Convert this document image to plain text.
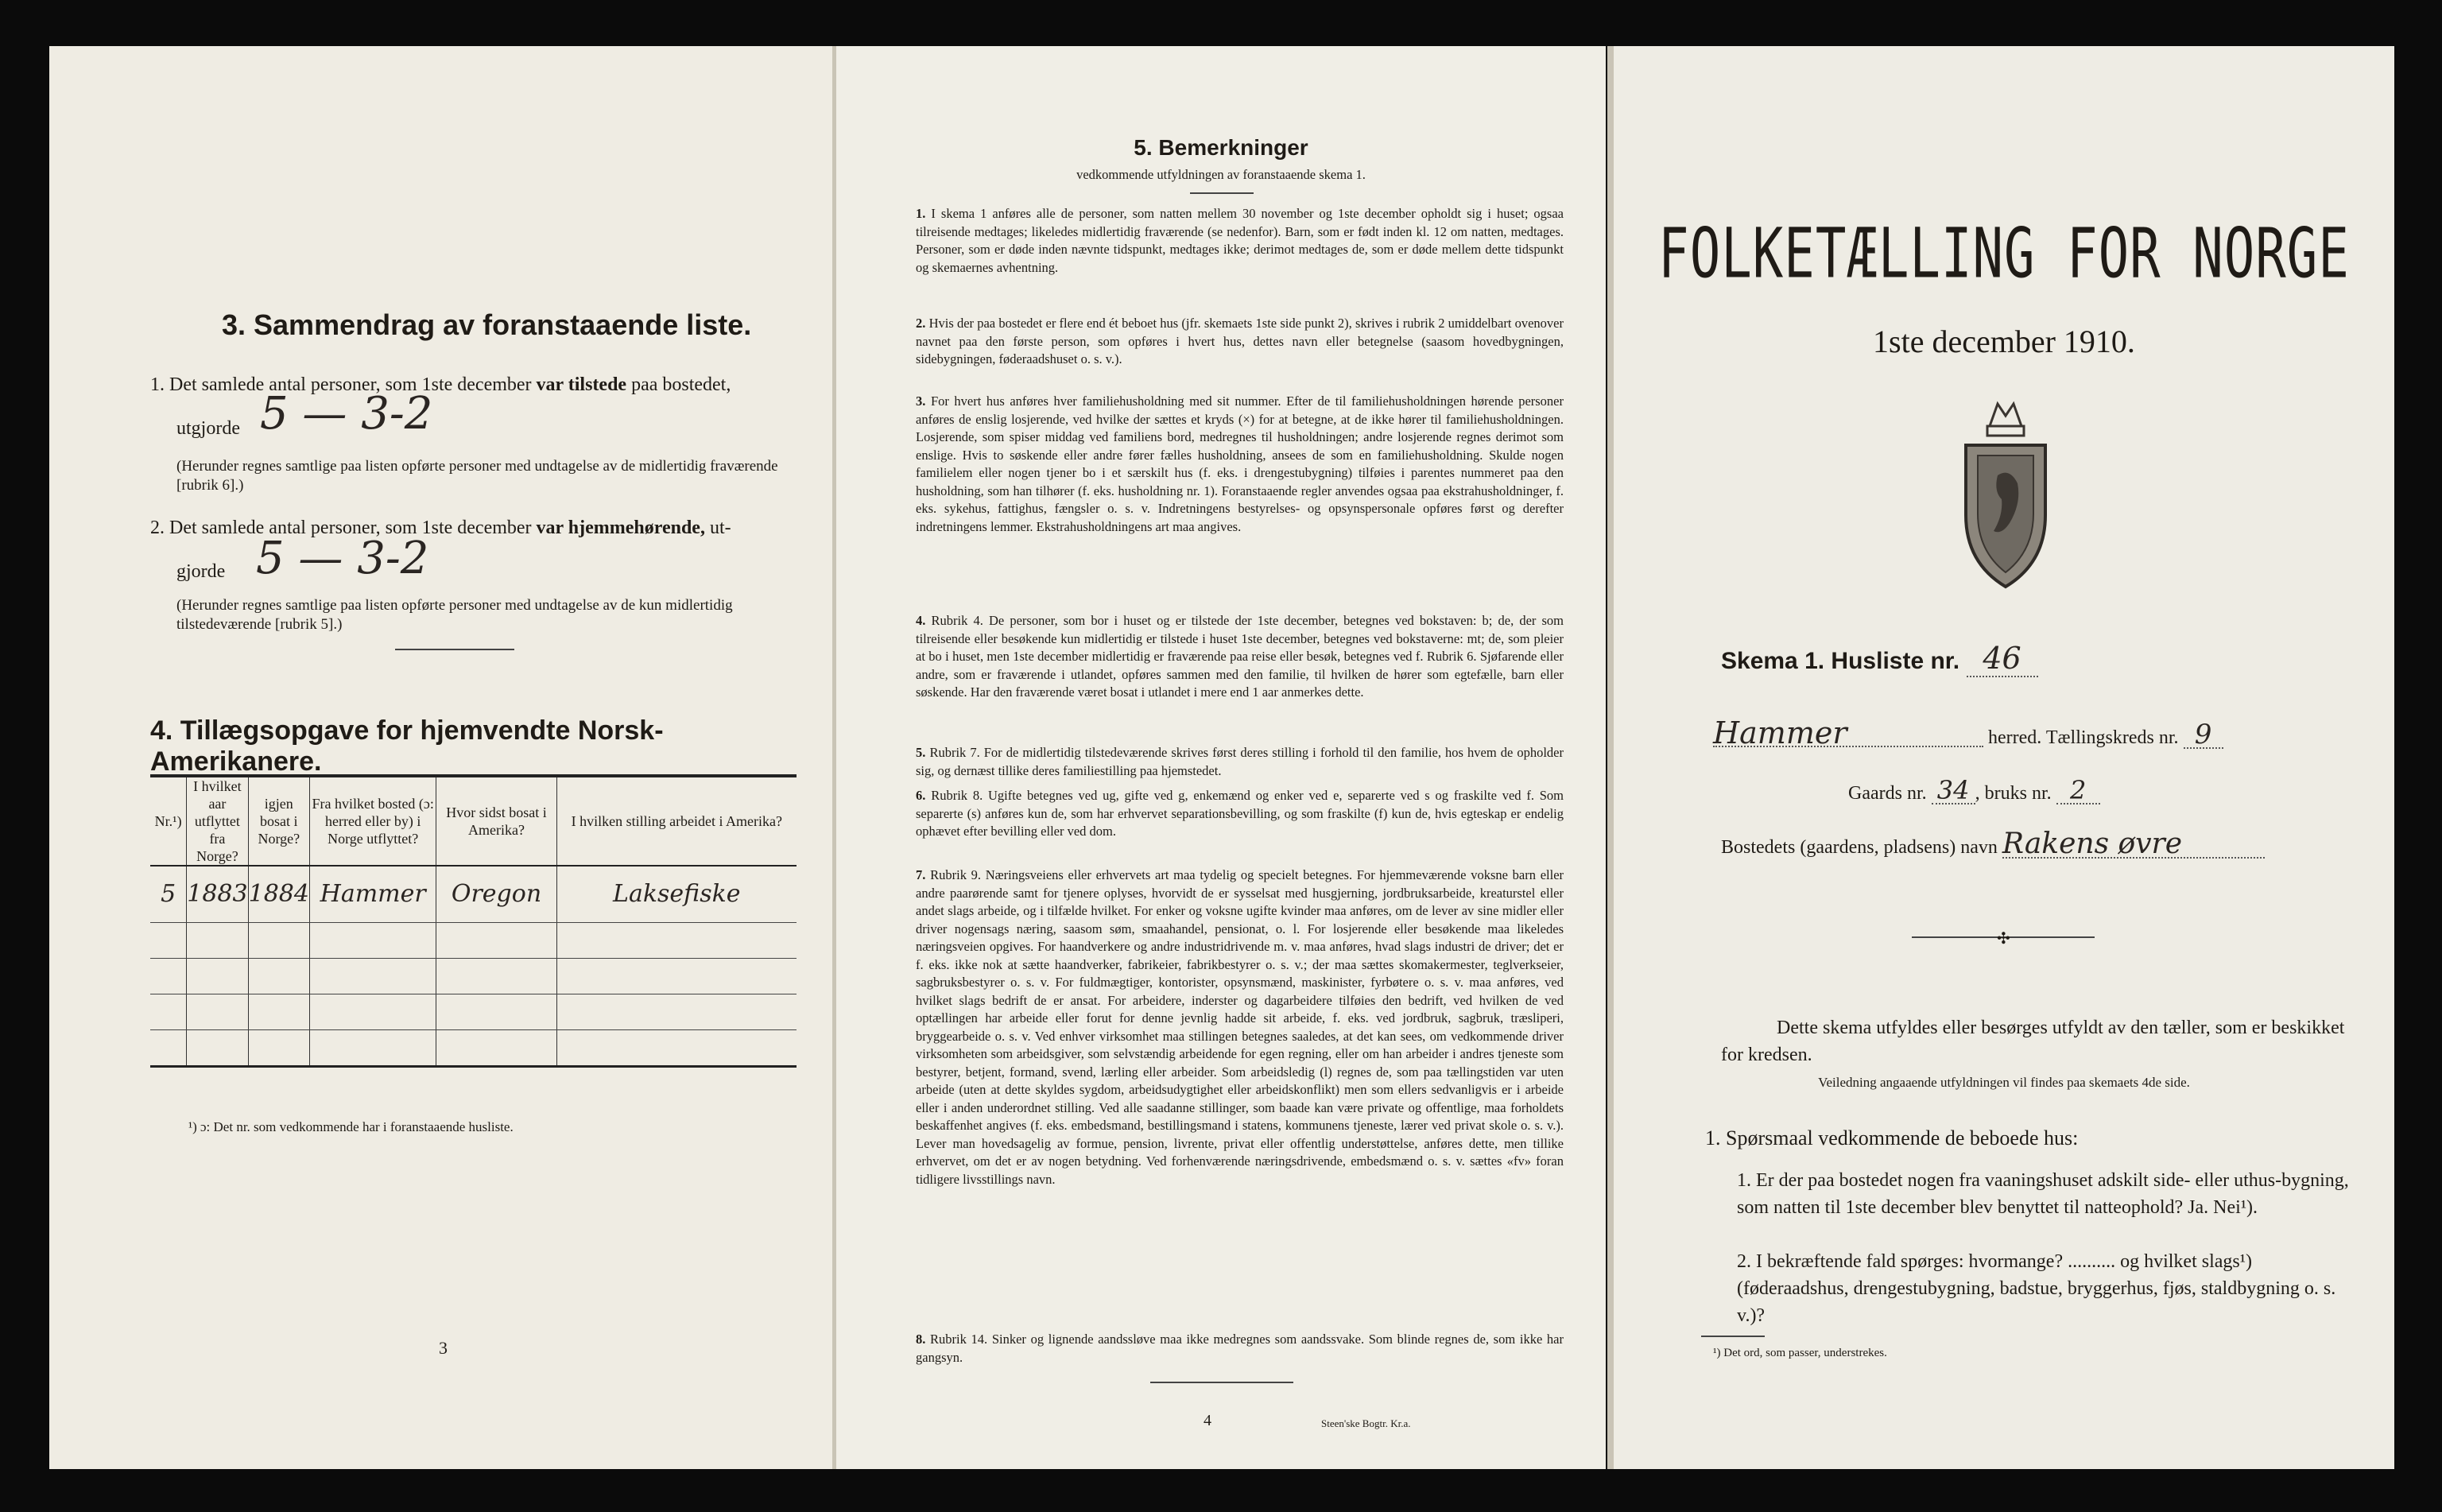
3. Sammendrag av foranstaaende liste.
1. Det samlede antal personer, som 1ste december var tilstede paa bostedet,
utgjorde 5 — 3-2
(Herunder regnes samtlige paa listen opførte personer med undtagelse av de midlertidig fraværende [rubrik 6].)
2. Det samlede antal personer, som 1ste december var hjemmehørende, ut-
gjorde 5 — 3-2
(Herunder regnes samtlige paa listen opførte personer med undtagelse av de kun midlertidig tilstedeværende [rubrik 5].)
4. Tillægsopgave for hjemvendte Norsk-Amerikanere.
Nr.¹)	I hvilket aar utflyttet fra Norge?	igjen bosat i Norge?	Fra hvilket bosted (ɔ: herred eller by) i Norge utflyttet?	Hvor sidst bosat i Amerika?	I hvilken stilling arbeidet i Amerika?
5	1883	1884	Hammer	Oregon	Laksefiske

¹) ɔ: Det nr. som vedkommende har i foranstaaende husliste.
3
5. Bemerkninger
vedkommende utfyldningen av foranstaaende skema 1.
1. I skema 1 anføres alle de personer, som natten mellem 30 november og 1ste december opholdt sig i huset; ogsaa tilreisende medtages; likeledes midlertidig fraværende (se nedenfor). Barn, som er født inden kl. 12 om natten, medtages. Personer, som er døde inden nævnte tidspunkt, medtages ikke; derimot medtages de, som er døde mellem dette tidspunkt og skemaernes avhentning.
2. Hvis der paa bostedet er flere end ét beboet hus (jfr. skemaets 1ste side punkt 2), skrives i rubrik 2 umiddelbart ovenover navnet paa den første person, som opføres i hvert hus, dettes navn eller betegnelse (saasom hovedbygningen, sidebygningen, føderaadshuset o. s. v.).
3. For hvert hus anføres hver familiehusholdning med sit nummer. Efter de til familiehusholdningen hørende personer anføres de enslig losjerende, ved hvilke der sættes et kryds (×) for at betegne, at de ikke hører til familiehusholdningen. Losjerende, som spiser middag ved familiens bord, medregnes til husholdningen; andre losjerende regnes derimot som enslige. Hvis to søskende eller andre fører fælles husholdning, ansees de som en familiehusholdning. Skulde nogen familielem eller nogen tjener bo i et særskilt hus (f. eks. i drengestubygning) tilføies i parentes nummeret paa den husholdning, som han tilhører (f. eks. husholdning nr. 1). Foranstaaende regler anvendes ogsaa paa ekstrahusholdninger, f. eks. sykehus, fattighus, fængsler o. s. v. Indretningens bestyrelses- og opsynspersonale opføres først og derefter indretningens lemmer. Ekstrahusholdningens art maa angives.
4. Rubrik 4. De personer, som bor i huset og er tilstede der 1ste december, betegnes ved bokstaven: b; de, der som tilreisende eller besøkende kun midlertidig er tilstede i huset 1ste december, betegnes ved bokstaverne: mt; de, som pleier at bo i huset, men 1ste december midlertidig er fraværende paa reise eller besøk, betegnes ved f. Rubrik 6. Sjøfarende eller andre, som er fraværende i utlandet, opføres sammen med den familie, til hvilken de hører som egtefælle, barn eller søskende. Har den fraværende været bosat i utlandet i mere end 1 aar anmerkes dette.
5. Rubrik 7. For de midlertidig tilstedeværende skrives først deres stilling i forhold til den familie, hos hvem de opholder sig, og dernæst tillike deres familiestilling paa hjemstedet.
6. Rubrik 8. Ugifte betegnes ved ug, gifte ved g, enkemænd og enker ved e, separerte ved s og fraskilte ved f. Som separerte (s) anføres kun de, som har erhvervet separationsbevilling, og som fraskilte (f) kun de, hvis egteskap er endelig ophævet efter bevilling eller ved dom.
7. Rubrik 9. Næringsveiens eller erhvervets art maa tydelig og specielt betegnes. For hjemmeværende voksne barn eller andre paarørende samt for tjenere oplyses, hvorvidt de er sysselsat med husgjerning, jordbruksarbeide, kreaturstel eller andet slags arbeide, og i tilfælde hvilket. For enker og voksne ugifte kvinder maa anføres, om de lever av sine midler eller driver nogensags næring, saasom søm, smaahandel, pensionat, o. l. For losjerende eller besøkende maa likeledes næringsveien opgives. For haandverkere og andre industridrivende m. v. maa anføres, hvad slags industri de driver; det er f. eks. ikke nok at sætte haandverker, fabrikeier, fabrikbestyrer o. s. v.; der maa sættes skomakermester, teglverkseier, sagbruksbestyrer o. s. v. For fuldmægtiger, kontorister, opsynsmænd, maskinister, fyrbøtere o. s. v. maa anføres, ved hvilket slags bedrift de er ansat. For arbeidere, inderster og dagarbeidere tilføies den bedrift, ved hvilken de ved optællingen har arbeide eller forut for denne jevnlig hadde sit arbeide, f. eks. ved jordbruk, sagbruk, træsliperi, bryggearbeide o. s. v. Ved enhver virksomhet maa stillingen betegnes saaledes, at det kan sees, om vedkommende driver virksomheten som arbeidsgiver, som selvstændig arbeidende for egen regning, eller om han arbeider i andres tjeneste som bestyrer, betjent, formand, svend, lærling eller arbeider. Som arbeidsledig (l) regnes de, som paa tællingstiden var uten arbeide (uten at dette skyldes sygdom, arbeidsudygtighet eller arbeidskonflikt) men som ellers sedvanligvis er i arbeide eller i anden underordnet stilling. Ved alle saadanne stillinger, som baade kan være private og offentlige, maa forholdets beskaffenhet angives (f. eks. embedsmand, bestillingsmand i statens, kommunens tjeneste, lærer ved privat skole o. s. v.). Lever man hovedsagelig av formue, pension, livrente, privat eller offentlig understøttelse, anføres dette, men tillike erhvervet, om det er av nogen betydning. Ved forhenværende næringsdrivende, embedsmænd o. s. v. sættes «fv» foran tidligere livsstillings navn.
8. Rubrik 14. Sinker og lignende aandssløve maa ikke medregnes som aandssvake. Som blinde regnes de, som ikke har gangsyn.
4	Steen'ske Bogtr. Kr.a.
FOLKETÆLLING FOR NORGE
1ste december 1910.
Skema 1. Husliste nr. 46
Hammer	herred. Tællingskreds nr. 9
Gaards nr. 34 , bruks nr. 2
Bostedets (gaardens, pladsens) navn Rakens øvre
✣
Dette skema utfyldes eller besørges utfyldt av den tæller, som er beskikket for kredsen.
Veiledning angaaende utfyldningen vil findes paa skemaets 4de side.
1. Spørsmaal vedkommende de beboede hus:
1. Er der paa bostedet nogen fra vaaningshuset adskilt side- eller uthus-bygning, som natten til 1ste december blev benyttet til natteophold? Ja. Nei¹).
2. I bekræftende fald spørges: hvormange? .......... og hvilket slags¹) (føderaadshus, drengestubygning, badstue, bryggerhus, fjøs, staldbygning o. s. v.)?
¹) Det ord, som passer, understrekes.
